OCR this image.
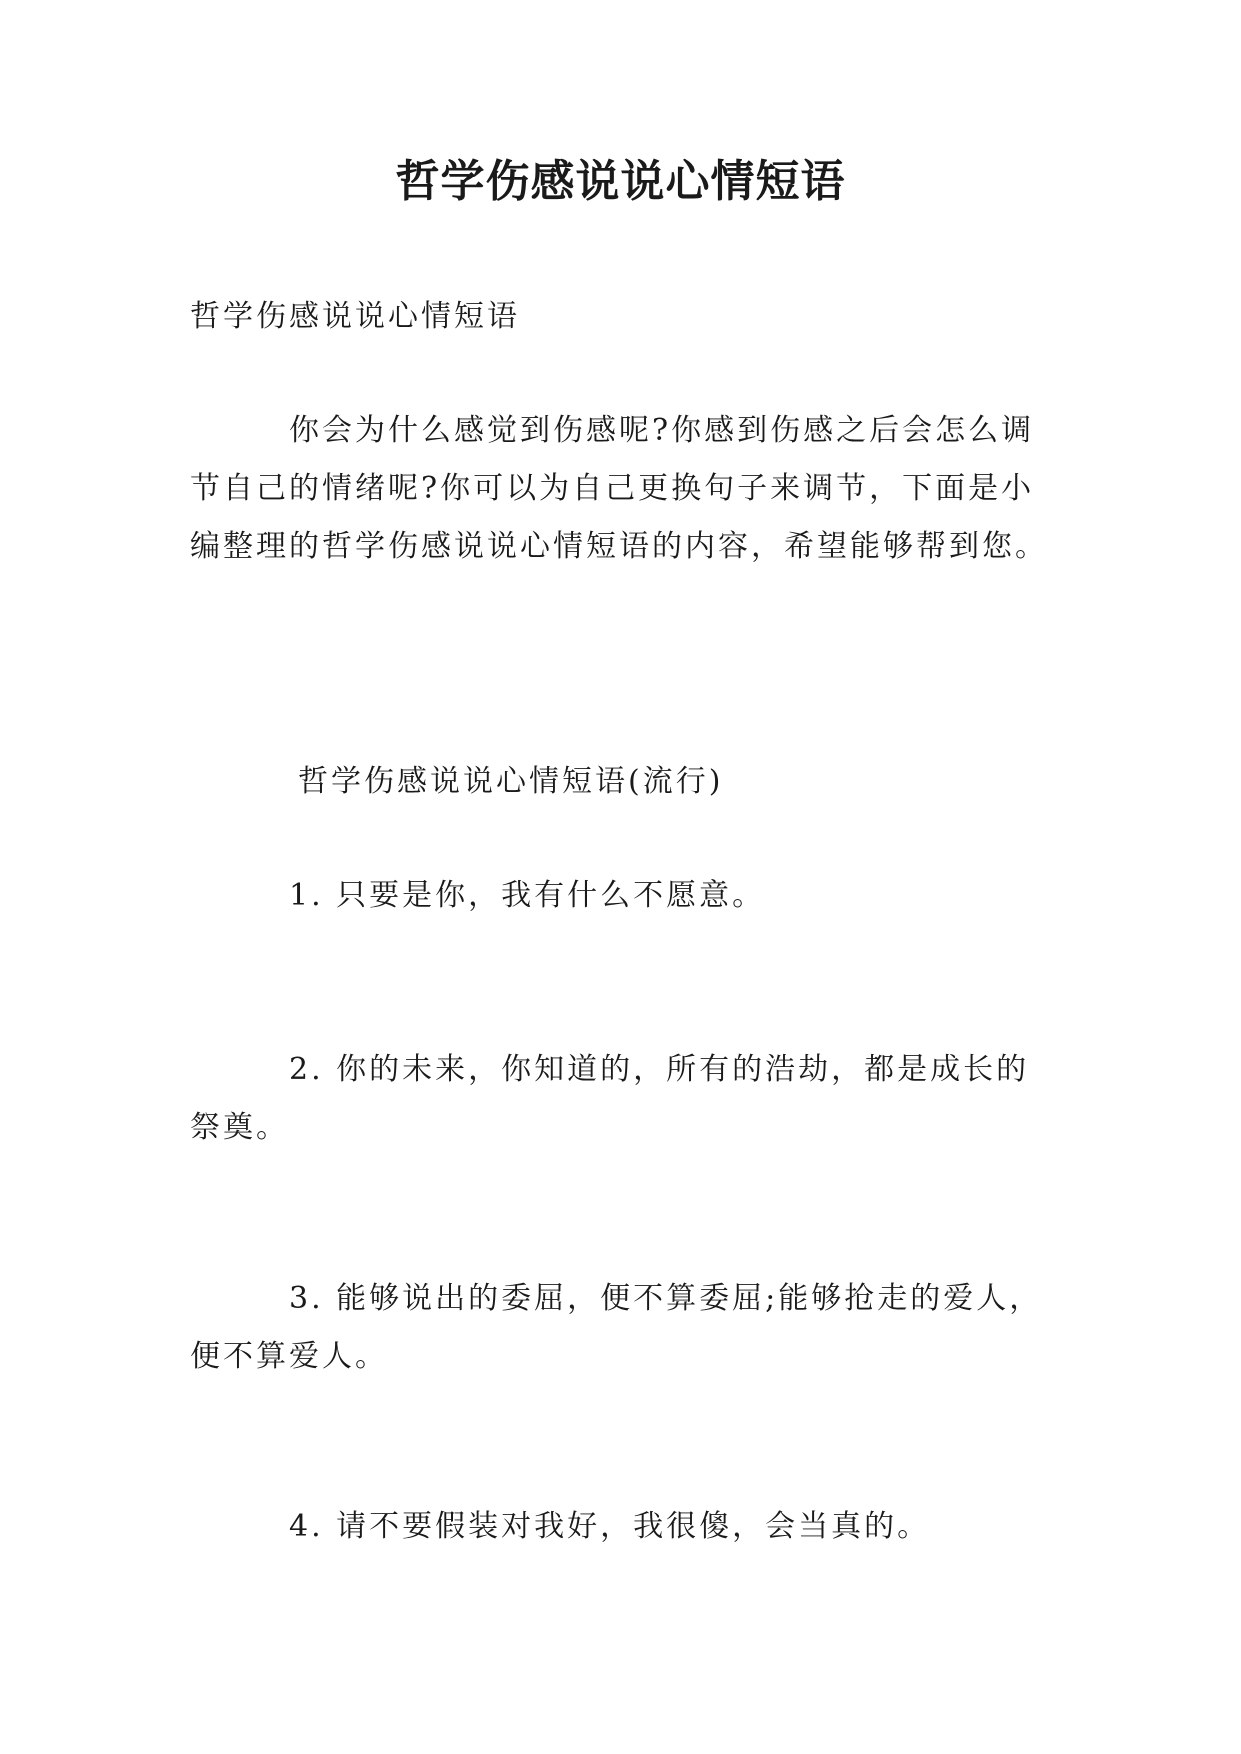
哲学伤感说说心情短语
哲学伤感说说心情短语
　　　你会为什么感觉到伤感呢?你感到伤感之后会怎么调
节自己的情绪呢?你可以为自己更换句子来调节，下面是小
编整理的哲学伤感说说心情短语的内容，希望能够帮到您。
哲学伤感说说心情短语(流行)
　　　1. 只要是你，我有什么不愿意。
　　　2. 你的未来，你知道的，所有的浩劫，都是成长的
祭奠。
　　　3. 能够说出的委屈，便不算委屈;能够抢走的爱人，
便不算爱人。
　　　4. 请不要假装对我好，我很傻，会当真的。
